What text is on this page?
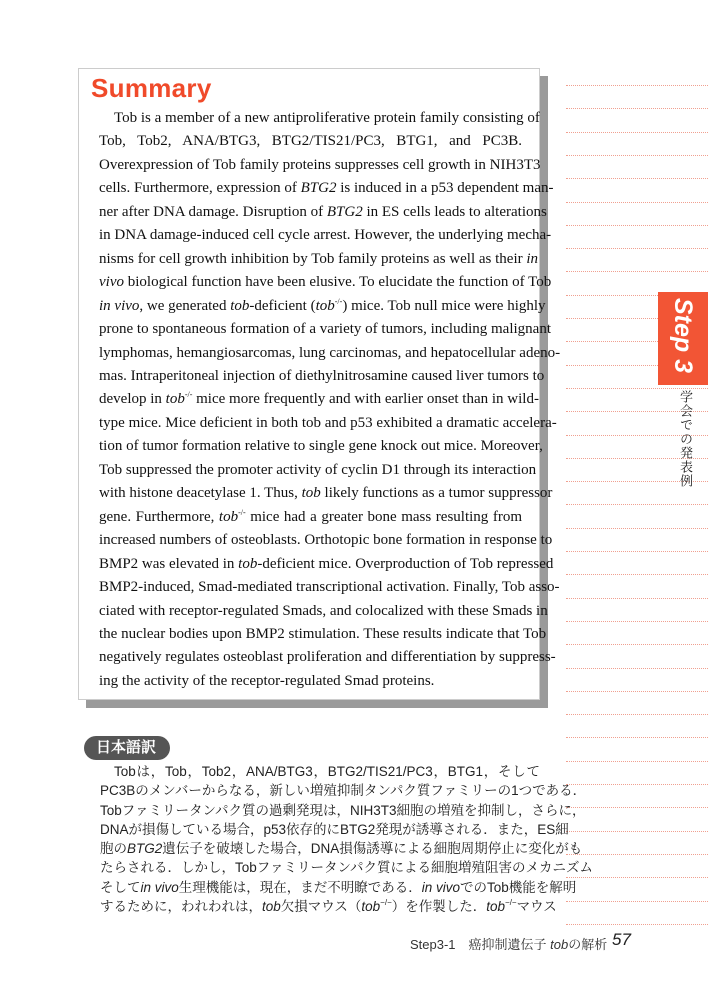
Summary
Tob is a member of a new antiproliferative protein family consisting of
Tob, Tob2, ANA/BTG3, BTG2/TIS21/PC3, BTG1, and PC3B.
Overexpression of Tob family proteins suppresses cell growth in NIH3T3
cells. Furthermore, expression of BTG2 is induced in a p53 dependent man-
ner after DNA damage. Disruption of BTG2 in ES cells leads to alterations
in DNA damage-induced cell cycle arrest. However, the underlying mecha-
nisms for cell growth inhibition by Tob family proteins as well as their in
vivo biological function have been elusive. To elucidate the function of Tob
in vivo, we generated tob-deficient (tob-/-) mice. Tob null mice were highly
prone to spontaneous formation of a variety of tumors, including malignant
lymphomas, hemangiosarcomas, lung carcinomas, and hepatocellular adeno-
mas. Intraperitoneal injection of diethylnitrosamine caused liver tumors to
develop in tob-/- mice more frequently and with earlier onset than in wild-
type mice. Mice deficient in both tob and p53 exhibited a dramatic accelera-
tion of tumor formation relative to single gene knock out mice. Moreover,
Tob suppressed the promoter activity of cyclin D1 through its interaction
with histone deacetylase 1. Thus, tob likely functions as a tumor suppressor
gene. Furthermore, tob-/- mice had a greater bone mass resulting from
increased numbers of osteoblasts. Orthotopic bone formation in response to
BMP2 was elevated in tob-deficient mice. Overproduction of Tob repressed
BMP2-induced, Smad-mediated transcriptional activation. Finally, Tob asso-
ciated with receptor-regulated Smads, and colocalized with these Smads in
the nuclear bodies upon BMP2 stimulation. These results indicate that Tob
negatively regulates osteoblast proliferation and differentiation by suppress-
ing the activity of the receptor-regulated Smad proteins.
日本語訳
Tobは，Tob，Tob2，ANA/BTG3，BTG2/TIS21/PC3，BTG1，そして
PC3Bのメンバーからなる，新しい増殖抑制タンパク質ファミリーの1つである．
Tobファミリータンパク質の過剰発現は，NIH3T3細胞の増殖を抑制し，さらに，
DNAが損傷している場合，p53依存的にBTG2発現が誘導される．また，ES細
胞のBTG2遺伝子を破壊した場合，DNA損傷誘導による細胞周期停止に変化がも
たらされる．しかし，Tobファミリータンパク質による細胞増殖阻害のメカニズム
そしてin vivo生理機能は，現在，まだ不明瞭である．in vivoでのTob機能を解明
するために，われわれは，tob欠損マウス（tob−/−）を作製した．tob−/−マウス
Step 3
学会での発表例
Step3-1　癌抑制遺伝子 tobの解析 57
